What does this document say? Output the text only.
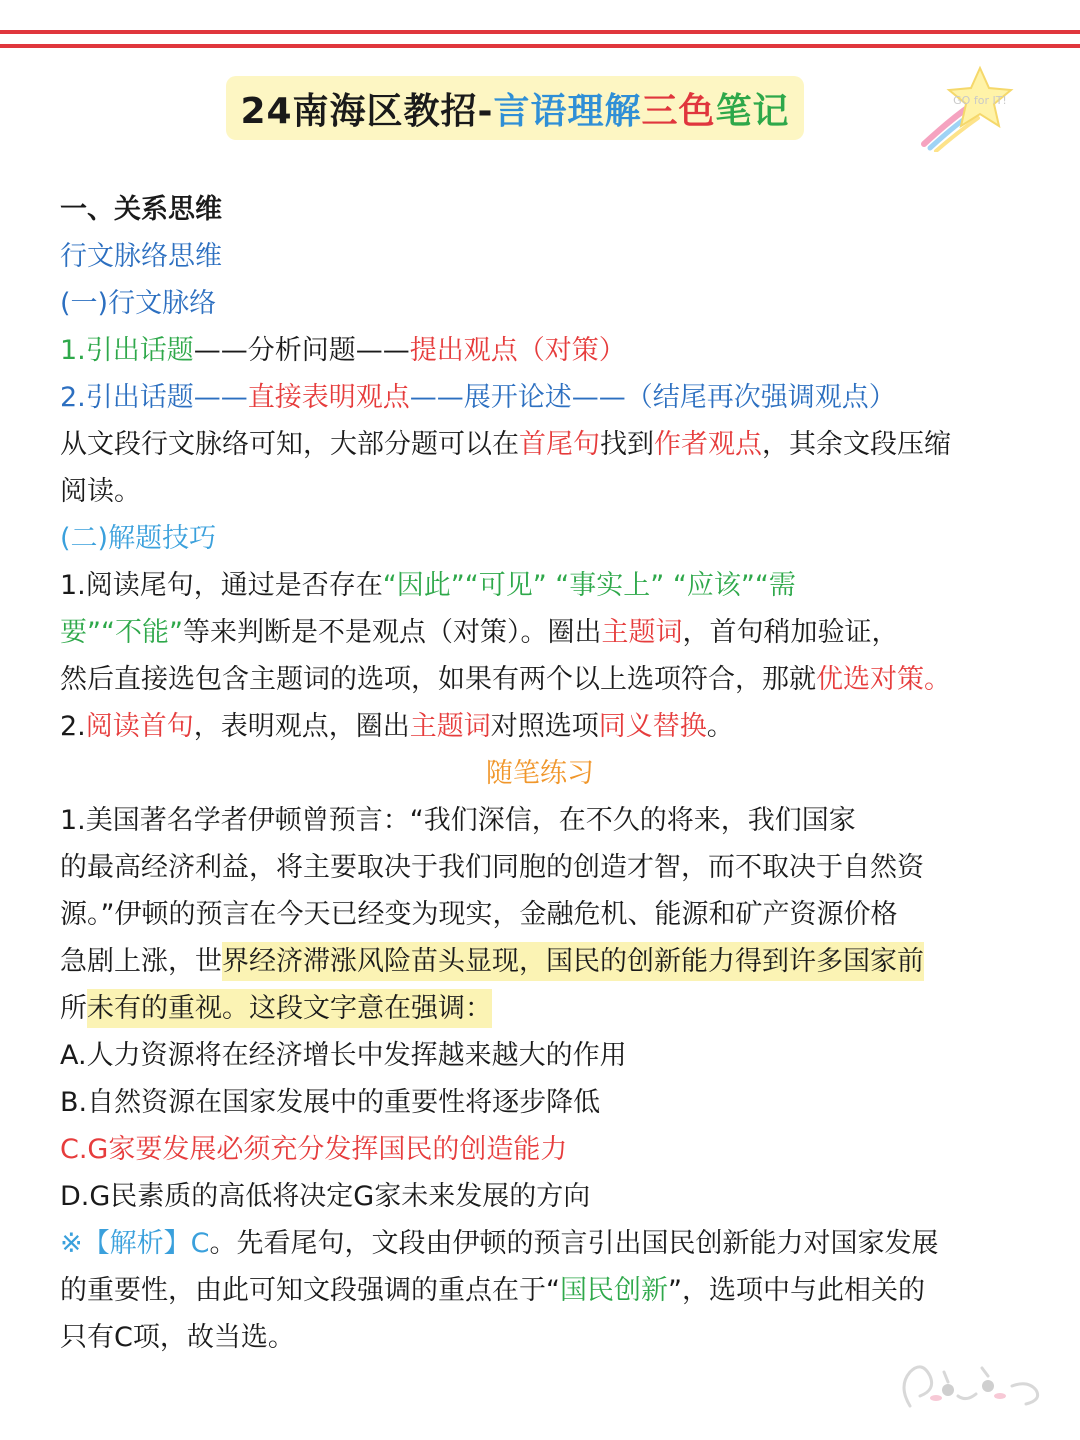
24南海区教招- 言语理解 三色 笔记	GO for IT!
一、关系思维
行文脉络思维
(一)行文脉络
1.引出话题——分析问题——提出观点（对策）
2.引出话题——直接表明观点——展开论述——（结尾再次强调观点）
从文段行文脉络可知，大部分题可以在首尾句找到作者观点，其余文段压缩
阅读。
(二)解题技巧
1.阅读尾句，通过是否存在“因此”“可见” “事实上” “应该”“需
要”“不能”等来判断是不是观点（对策）。圈出主题词，首句稍加验证，
然后直接选包含主题词的选项，如果有两个以上选项符合，那就优选对策。
2.阅读首句，表明观点，圈出主题词对照选项同义替换。
随笔练习
1.美国著名学者伊顿曾预言：“我们深信，在不久的将来，我们国家
的最高经济利益，将主要取决于我们同胞的创造才智，而不取决于自然资
源。”伊顿的预言在今天已经变为现实，金融危机、能源和矿产资源价格
急剧上涨，世界经济滞涨风险苗头显现，国民的创新能力得到许多国家前
所未有的重视。这段文字意在强调：
A.人力资源将在经济增长中发挥越来越大的作用
B.自然资源在国家发展中的重要性将逐步降低
C.G家要发展必须充分发挥国民的创造能力
D.G民素质的高低将决定G家未来发展的方向
※【解析】C。先看尾句，文段由伊顿的预言引出国民创新能力对国家发展
的重要性，由此可知文段强调的重点在于“国民创新”，选项中与此相关的
只有C项，故当选。
